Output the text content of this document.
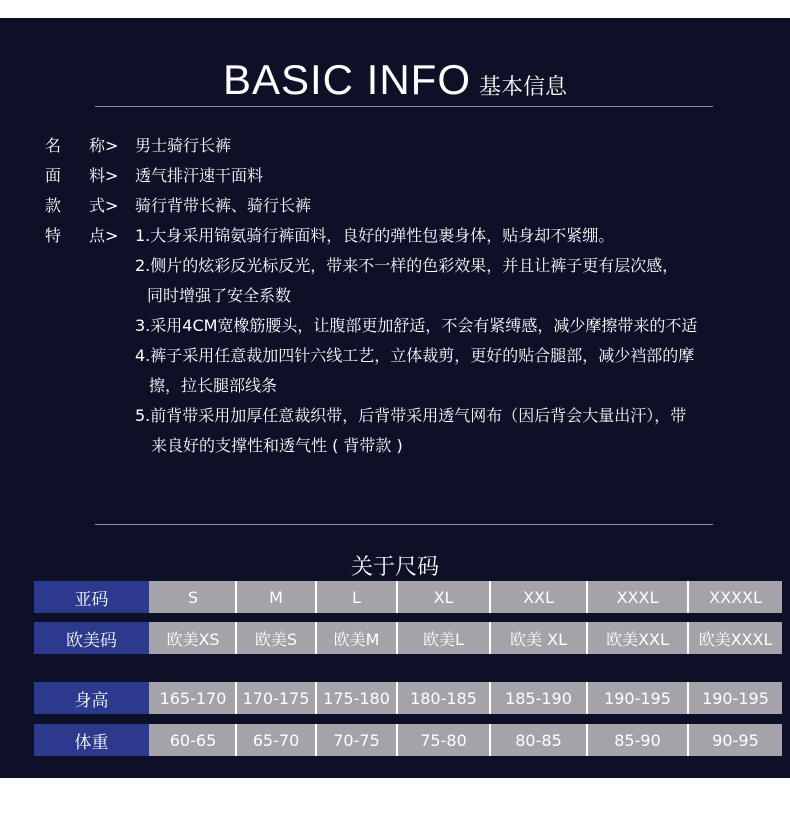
BASIC INFO 基本信息
名 称>男士骑行长裤
面 料>透气排汗速干面料
款 式>骑行背带长裤、骑行长裤
特 点>1.大身采用锦氨骑行裤面料，良好的弹性包裹身体，贴身却不紧绷。
2.侧片的炫彩反光标反光，带来不一样的色彩效果，并且让裤子更有层次感，
同时增强了安全系数
3.采用4CM宽橡筋腰头，让腹部更加舒适，不会有紧缚感，减少摩擦带来的不适
4.裤子采用任意裁加四针六线工艺，立体裁剪，更好的贴合腿部，减少裆部的摩
擦，拉长腿部线条
5.前背带采用加厚任意裁织带，后背带采用透气网布（因后背会大量出汗），带
来良好的支撑性和透气性 ( 背带款 )
关于尺码
亚码	S	M	L	XL	XXL	XXXL	XXXXL
欧美码	欧美XS	欧美S	欧美M	欧美L	欧美 XL	欧美XXL	欧美XXXL
身高	165-170	170-175 175-180	180-185	185-190	190-195	190-195
体重	60-65	65-70	70-75	75-80	80-85	85-90	90-95
